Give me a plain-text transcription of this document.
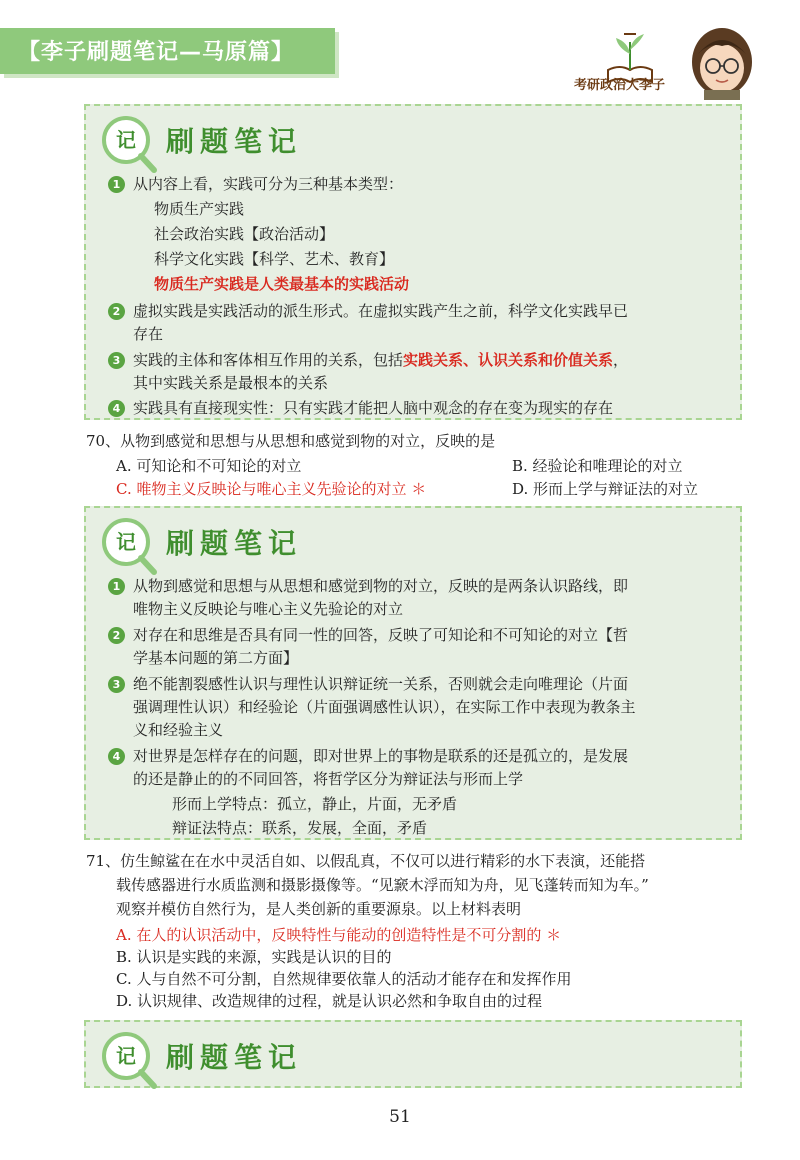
【李子刷题笔记—马原篇】
考研政治大李子
记 刷题笔记
1 从内容上看，实践可分为三种基本类型：
物质生产实践
社会政治实践【政治活动】
科学文化实践【科学、艺术、教育】
物质生产实践是人类最基本的实践活动
2 虚拟实践是实践活动的派生形式。在虚拟实践产生之前，科学文化实践早已
存在
3 实践的主体和客体相互作用的关系，包括实践关系、认识关系和价值关系，
其中实践关系是最根本的关系
4 实践具有直接现实性：只有实践才能把人脑中观念的存在变为现实的存在
70、从物到感觉和思想与从思想和感觉到物的对立，反映的是
A. 可知论和不可知论的对立	B. 经验论和唯理论的对立
C. 唯物主义反映论与唯心主义先验论的对立 ＊	D. 形而上学与辩证法的对立
记 刷题笔记
1 从物到感觉和思想与从思想和感觉到物的对立，反映的是两条认识路线，即
唯物主义反映论与唯心主义先验论的对立
2 对存在和思维是否具有同一性的回答，反映了可知论和不可知论的对立【哲
学基本问题的第二方面】
3 绝不能割裂感性认识与理性认识辩证统一关系，否则就会走向唯理论（片面
强调理性认识）和经验论（片面强调感性认识），在实际工作中表现为教条主
义和经验主义
4 对世界是怎样存在的问题，即对世界上的事物是联系的还是孤立的，是发展
的还是静止的的不同回答，将哲学区分为辩证法与形而上学
形而上学特点：孤立，静止，片面，无矛盾
辩证法特点：联系，发展，全面，矛盾
71、仿生鲸鲨在在水中灵活自如、以假乱真，不仅可以进行精彩的水下表演，还能搭
载传感器进行水质监测和摄影摄像等。“见窾木浮而知为舟，见飞蓬转而知为车。”
观察并模仿自然行为，是人类创新的重要源泉。以上材料表明
A. 在人的认识活动中，反映特性与能动的创造特性是不可分割的 ＊
B. 认识是实践的来源，实践是认识的目的
C. 人与自然不可分割，自然规律要依靠人的活动才能存在和发挥作用
D. 认识规律、改造规律的过程，就是认识必然和争取自由的过程
记 刷题笔记
51
